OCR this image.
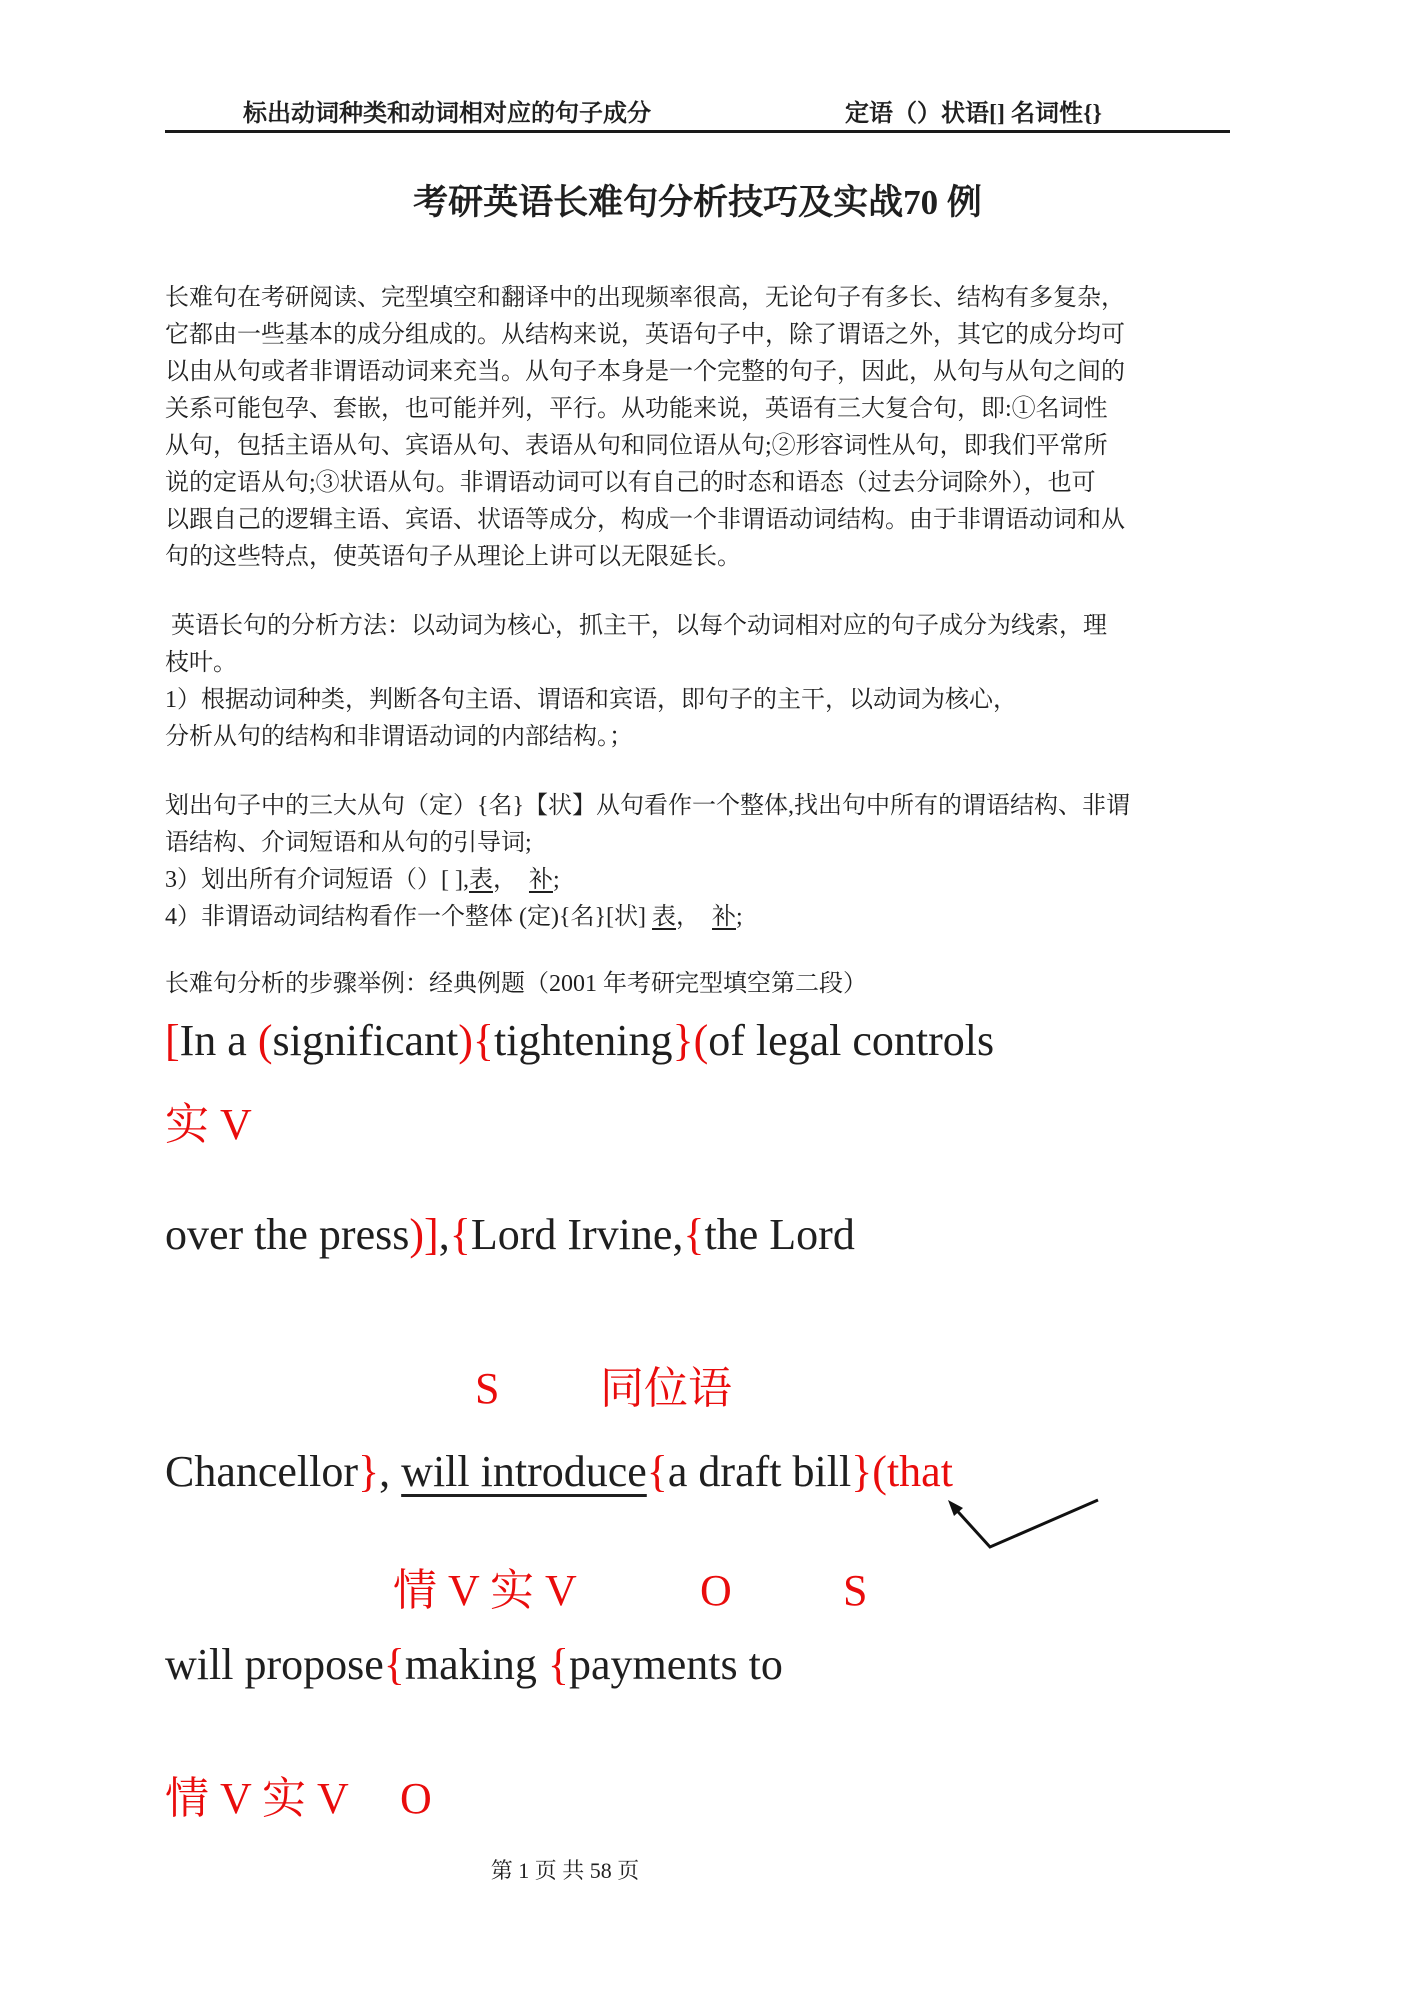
标出动词种类和动词相对应的句子成分	定语（）状语[] 名词性{}
考研英语长难句分析技巧及实战70 例
长难句在考研阅读、完型填空和翻译中的出现频率很高，无论句子有多长、结构有多复杂，
它都由一些基本的成分组成的。从结构来说，英语句子中，除了谓语之外，其它的成分均可
以由从句或者非谓语动词来充当。从句子本身是一个完整的句子，因此，从句与从句之间的
关系可能包孕、套嵌，也可能并列，平行。从功能来说，英语有三大复合句，即:①名词性
从句，包括主语从句、宾语从句、表语从句和同位语从句;②形容词性从句，即我们平常所
说的定语从句;③状语从句。非谓语动词可以有自己的时态和语态（过去分词除外），也可
以跟自己的逻辑主语、宾语、状语等成分，构成一个非谓语动词结构。由于非谓语动词和从
句的这些特点，使英语句子从理论上讲可以无限延长。
英语长句的分析方法：以动词为核心，抓主干，以每个动词相对应的句子成分为线索，理
枝叶。
1）根据动词种类，判断各句主语、谓语和宾语，即句子的主干，以动词为核心，
分析从句的结构和非谓语动词的内部结构。；
划出句子中的三大从句（定）{名}【状】从句看作一个整体,找出句中所有的谓语结构、非谓
语结构、介词短语和从句的引导词;
3）划出所有介词短语（）[ ],表，　补;
4）非谓语动词结构看作一个整体 (定){名}[状] 表，　补;
长难句分析的步骤举例：经典例题（2001 年考研完型填空第二段）
[In a (significant){tightening}(of legal controls
实 V
over the press)],{Lord Irvine,{the Lord
S 同位语
Chancellor}, will introduce{a draft bill}(that
情 V 实 V	O	S
will propose{making {payments to
情 V 实 V O
第 1 页 共 58 页
